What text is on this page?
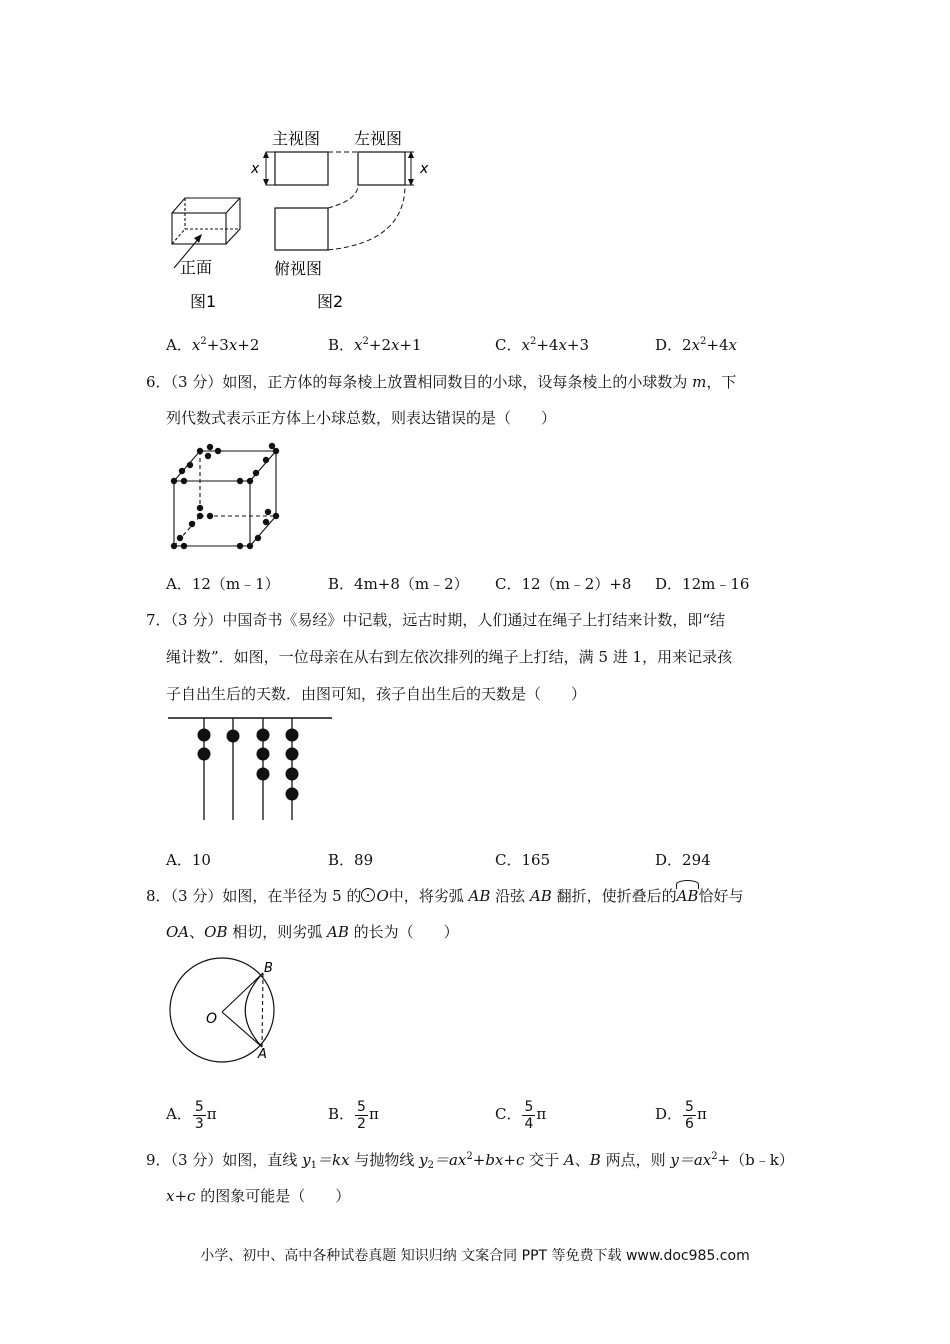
主视图 左视图
x	x
俯视图
正面
图1	图2
A．$x^2+3x+2$	B．$x^2+2x+1$	C．$x^2+4x+3$	D．$2x^2+4x$
6．（3 分）如图，正方体的每条棱上放置相同数目的小球，设每条棱上的小球数为 m，下
列代数式表示正方体上小球总数，则表达错误的是（　　）
A．12（m﹣1）	B．4m+8（m﹣2） C．12（m﹣2）+8 D．12m﹣16
7．（3 分）中国奇书《易经》中记载，远古时期，人们通过在绳子上打结来计数，即“结
绳计数”．如图，一位母亲在从右到左依次排列的绳子上打结，满 5 进 1，用来记录孩
子自出生后的天数．由图可知，孩子自出生后的天数是（　　）
A．10	B．89	C．165	D．294
8．（3 分）如图，在半径为 5 的 O中，将劣弧 AB 沿弦 AB 翻折，使折叠后的AB恰好与
OA、OB 相切，则劣弧 AB 的长为（　　）
O
B
A
A． $\frac{5}{3}$ π	B． $\frac{5}{2}$ π	C． $\frac{5}{4}$ π	D． $\frac{5}{6}$ π
9．（3 分）如图，直线 $y_1=kx$ 与抛物线 $y_2=ax^2+bx+c$ 交于 A、B 两点，则 $y=ax^2+(b﹣k)$
x+c 的图象可能是（　　）
小学、初中、高中各种试卷真题 知识归纳 文案合同 PPT 等免费下载 www.doc985.com
